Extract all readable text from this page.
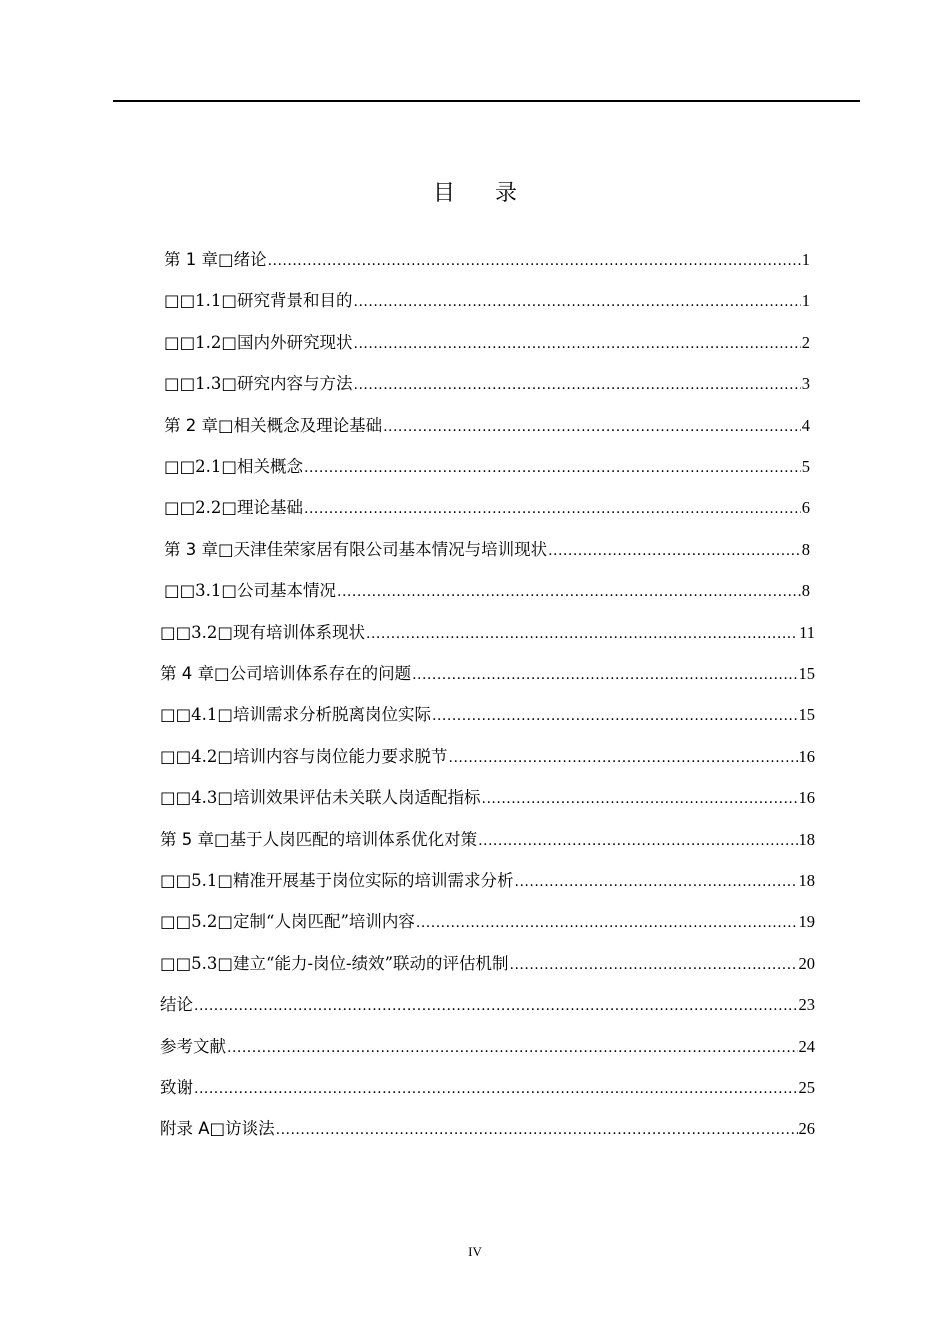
目录
第 1 章□绪论 .....	1
□□1.1□研究背景和目的 .....	1
□□1.2□国内外研究现状 .....	2
□□1.3□研究内容与方法 .....	3
第 2 章□相关概念及理论基础 .....	4
□□2.1□相关概念 .....	5
□□2.2□理论基础 .....	6
第 3 章□天津佳荣家居有限公司基本情况与培训现状 .....	8
□□3.1□公司基本情况 .....	8
□□3.2□现有培训体系现状 .....	11
第 4 章□公司培训体系存在的问题 .....	15
□□4.1□培训需求分析脱离岗位实际 .....	15
□□4.2□培训内容与岗位能力要求脱节 .....	16
□□4.3□培训效果评估未关联人岗适配指标 .....	16
第 5 章□基于人岗匹配的培训体系优化对策 .....	18
□□5.1□精准开展基于岗位实际的培训需求分析 .....	18
□□5.2□定制“人岗匹配”培训内容 .....	19
□□5.3□建立“能力-岗位-绩效”联动的评估机制 .....	20
结论 .....	23
参考文献 .....	24
致谢 .....	25
附录 A□访谈法 .....	26
IV
